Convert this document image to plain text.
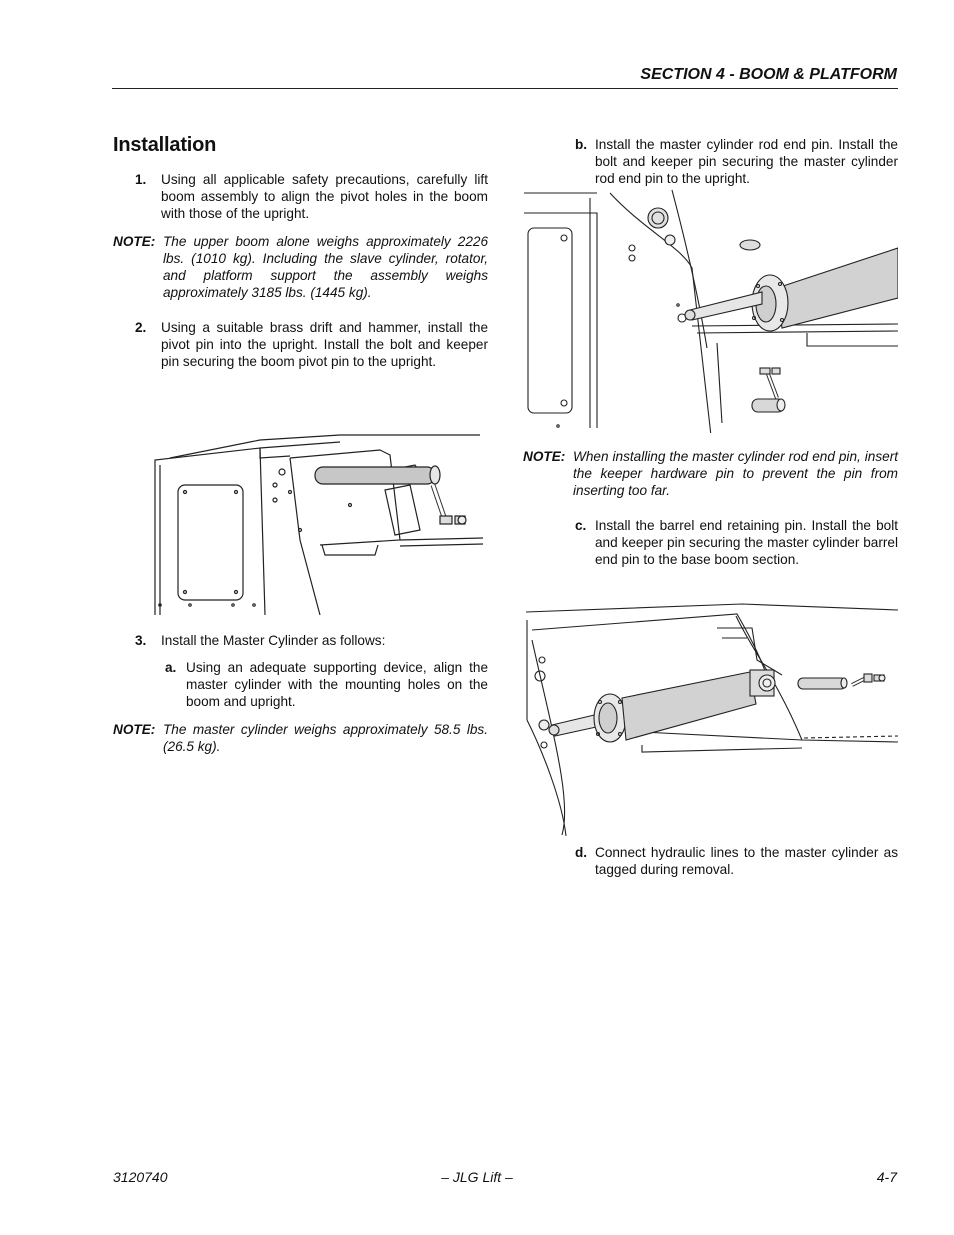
SECTION 4 - BOOM & PLATFORM
Installation
1. Using all applicable safety precautions, carefully lift boom assembly to align the pivot holes in the boom with those of the upright.
NOTE: The upper boom alone weighs approximately 2226 lbs. (1010 kg). Including the slave cylinder, rotator, and platform support the assembly weighs approximately 3185 lbs. (1445 kg).
2. Using a suitable brass drift and hammer, install the pivot pin into the upright. Install the bolt and keeper pin securing the boom pivot pin to the upright.
3. Install the Master Cylinder as follows:
a. Using an adequate supporting device, align the master cylinder with the mounting holes on the boom and upright.
NOTE: The master cylinder weighs approximately 58.5 lbs. (26.5 kg).
b. Install the master cylinder rod end pin. Install the bolt and keeper pin securing the master cylinder rod end pin to the upright.
NOTE: When installing the master cylinder rod end pin, insert the keeper hardware pin to prevent the pin from inserting too far.
c. Install the barrel end retaining pin. Install the bolt and keeper pin securing the master cylinder barrel end pin to the base boom section.
d. Connect hydraulic lines to the master cylinder as tagged during removal.
3120740	– JLG Lift –	4-7
